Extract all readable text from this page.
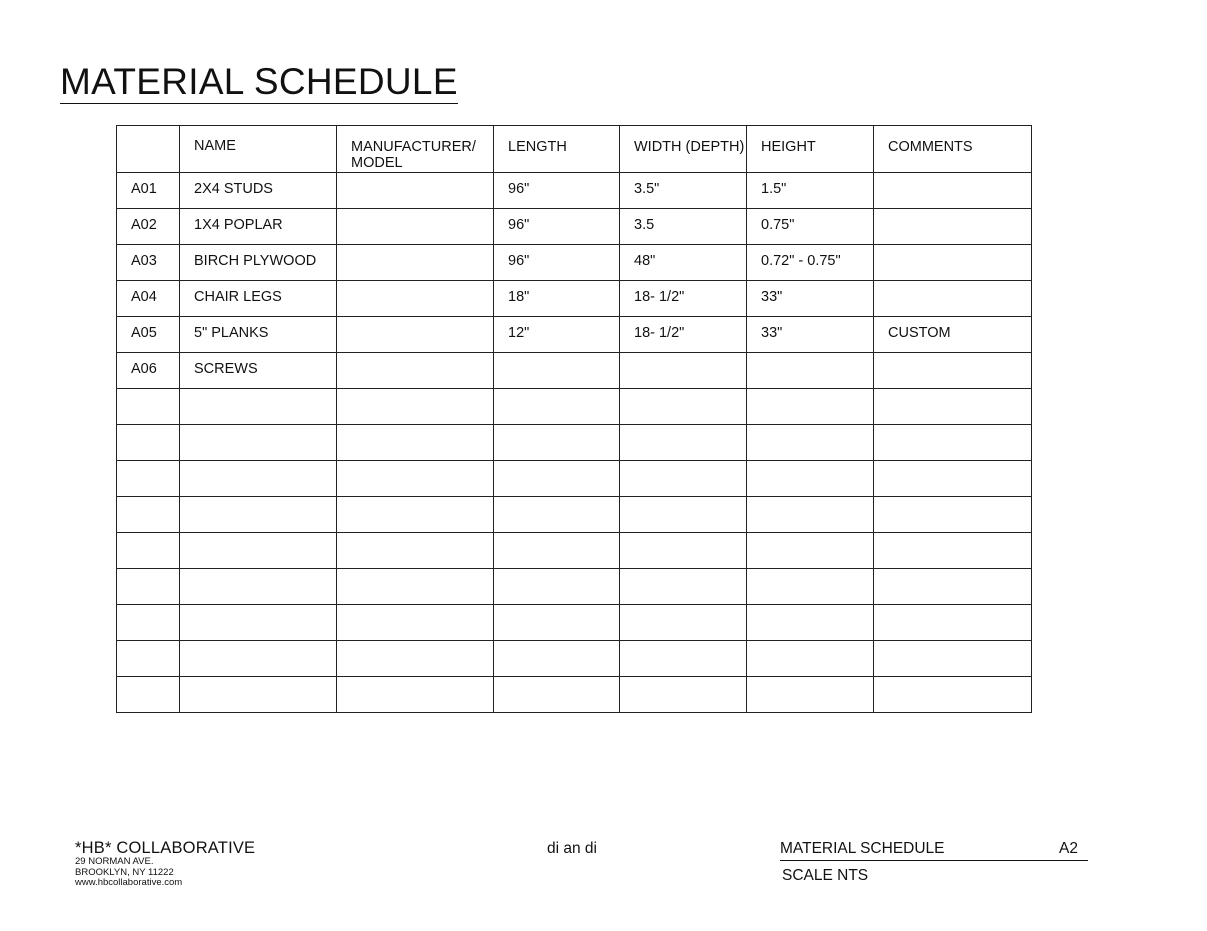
MATERIAL SCHEDULE
	NAME	MANUFACTURER/ MODEL	LENGTH	WIDTH (DEPTH)	HEIGHT	COMMENTS
A01	2X4 STUDS		96"	3.5"	1.5"	
A02	1X4 POPLAR		96"	3.5	0.75"	
A03	BIRCH PLYWOOD		96"	48"	0.72" - 0.75"	
A04	CHAIR LEGS		18"	18- 1/2"	33"	
A05	5" PLANKS		12"	18- 1/2"	33"	CUSTOM
A06	SCREWS					

*HB* COLLABORATIVE
29 NORMAN AVE.
BROOKLYN, NY 11222
www.hbcollaborative.com
di an di	MATERIAL SCHEDULE	A2
SCALE NTS
